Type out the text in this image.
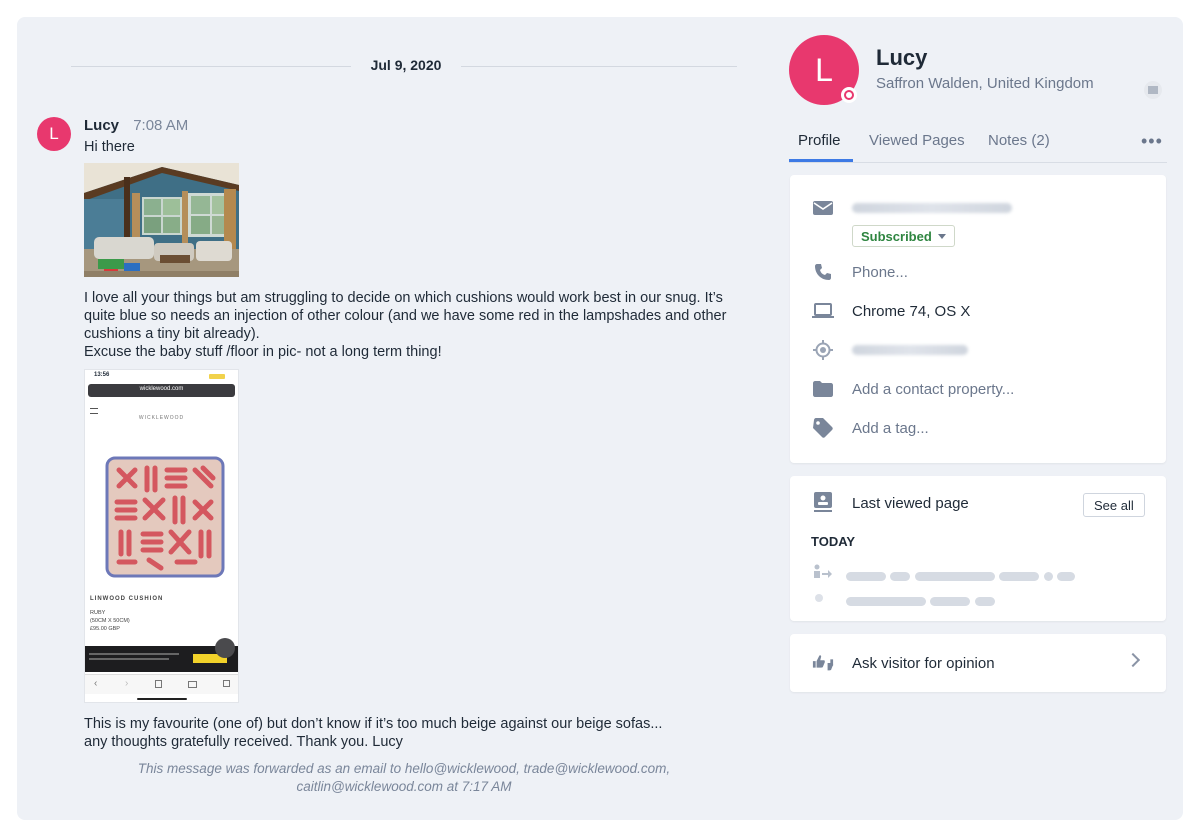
Jul 9, 2020
L	Lucy 7:08 AM
Hi there
I love all your things but am struggling to decide on which cushions would work best in our snug. It’s
quite blue so needs an injection of other colour (and we have some red in the lampshades and other
cushions a tiny bit already).
Excuse the baby stuff /floor in pic- not a long term thing!
13:56
wicklewood.com
WICKLEWOOD
LINWOOD CUSHION
RUBY
(50CM X 50CM)
£95.00 GBP
‹	›
This is my favourite (one of) but don’t know if it’s too much beige against our beige sofas...
any thoughts gratefully received. Thank you. Lucy
This message was forwarded as an email to hello@wicklewood, trade@wicklewood.com,
caitlin@wicklewood.com at 7:17 AM
L	Lucy
Saffron Walden, United Kingdom
Profile Viewed Pages Notes (2)	•••
Subscribed
Phone...
Chrome 74, OS X
Add a contact property...
Add a tag...
Last viewed page	See all
TODAY

Ask visitor for opinion
